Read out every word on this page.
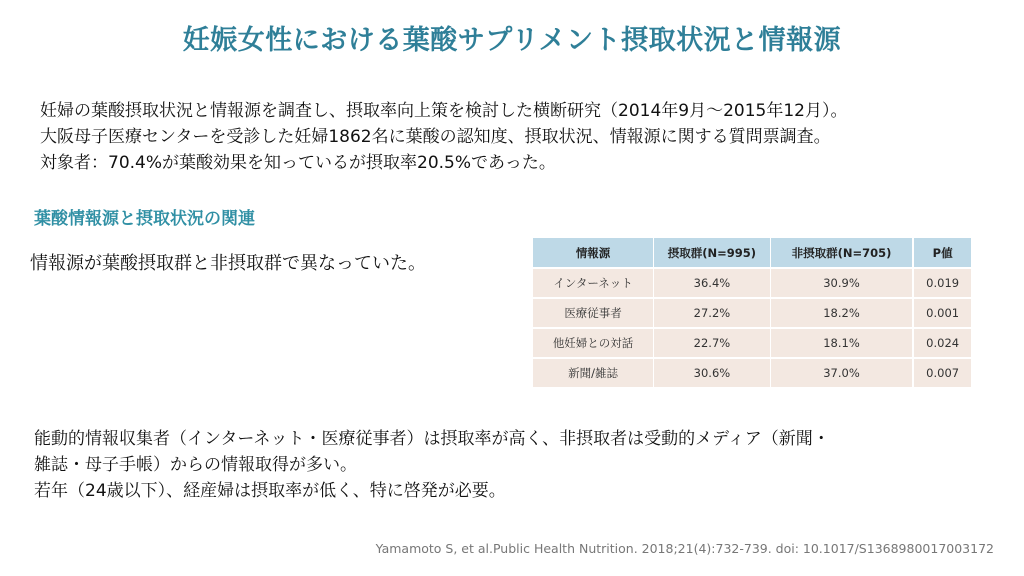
妊娠女性における葉酸サプリメント摂取状況と情報源

妊婦の葉酸摂取状況と情報源を調査し、摂取率向上策を検討した横断研究（2014年9月～2015年12月）。

大阪母子医療センターを受診した妊婦1862名に葉酸の認知度、摂取状況、情報源に関する質問票調査。

対象者：70.4%が葉酸効果を知っているが摂取率20.5%であった。

葉酸情報源と摂取状況の関連
情報源が葉酸摂取群と非摂取群で異なっていた。
情報源	摂取群(N=995)	非摂取群(N=705)	P値
インターネット	36.4%	30.9%	0.019
医療従事者	27.2%	18.2%	0.001
他妊婦との対話	22.7%	18.1%	0.024
新聞/雑誌	30.6%	37.0%	0.007

能動的情報収集者（インターネット・医療従事者）は摂取率が高く、非摂取者は受動的メディア（新聞・

雑誌・母子手帳）からの情報取得が多い。

若年（24歳以下）、経産婦は摂取率が低く、特に啓発が必要。

Yamamoto S, et al.Public Health Nutrition. 2018;21(4):732-739. doi: 10.1017/S1368980017003172
